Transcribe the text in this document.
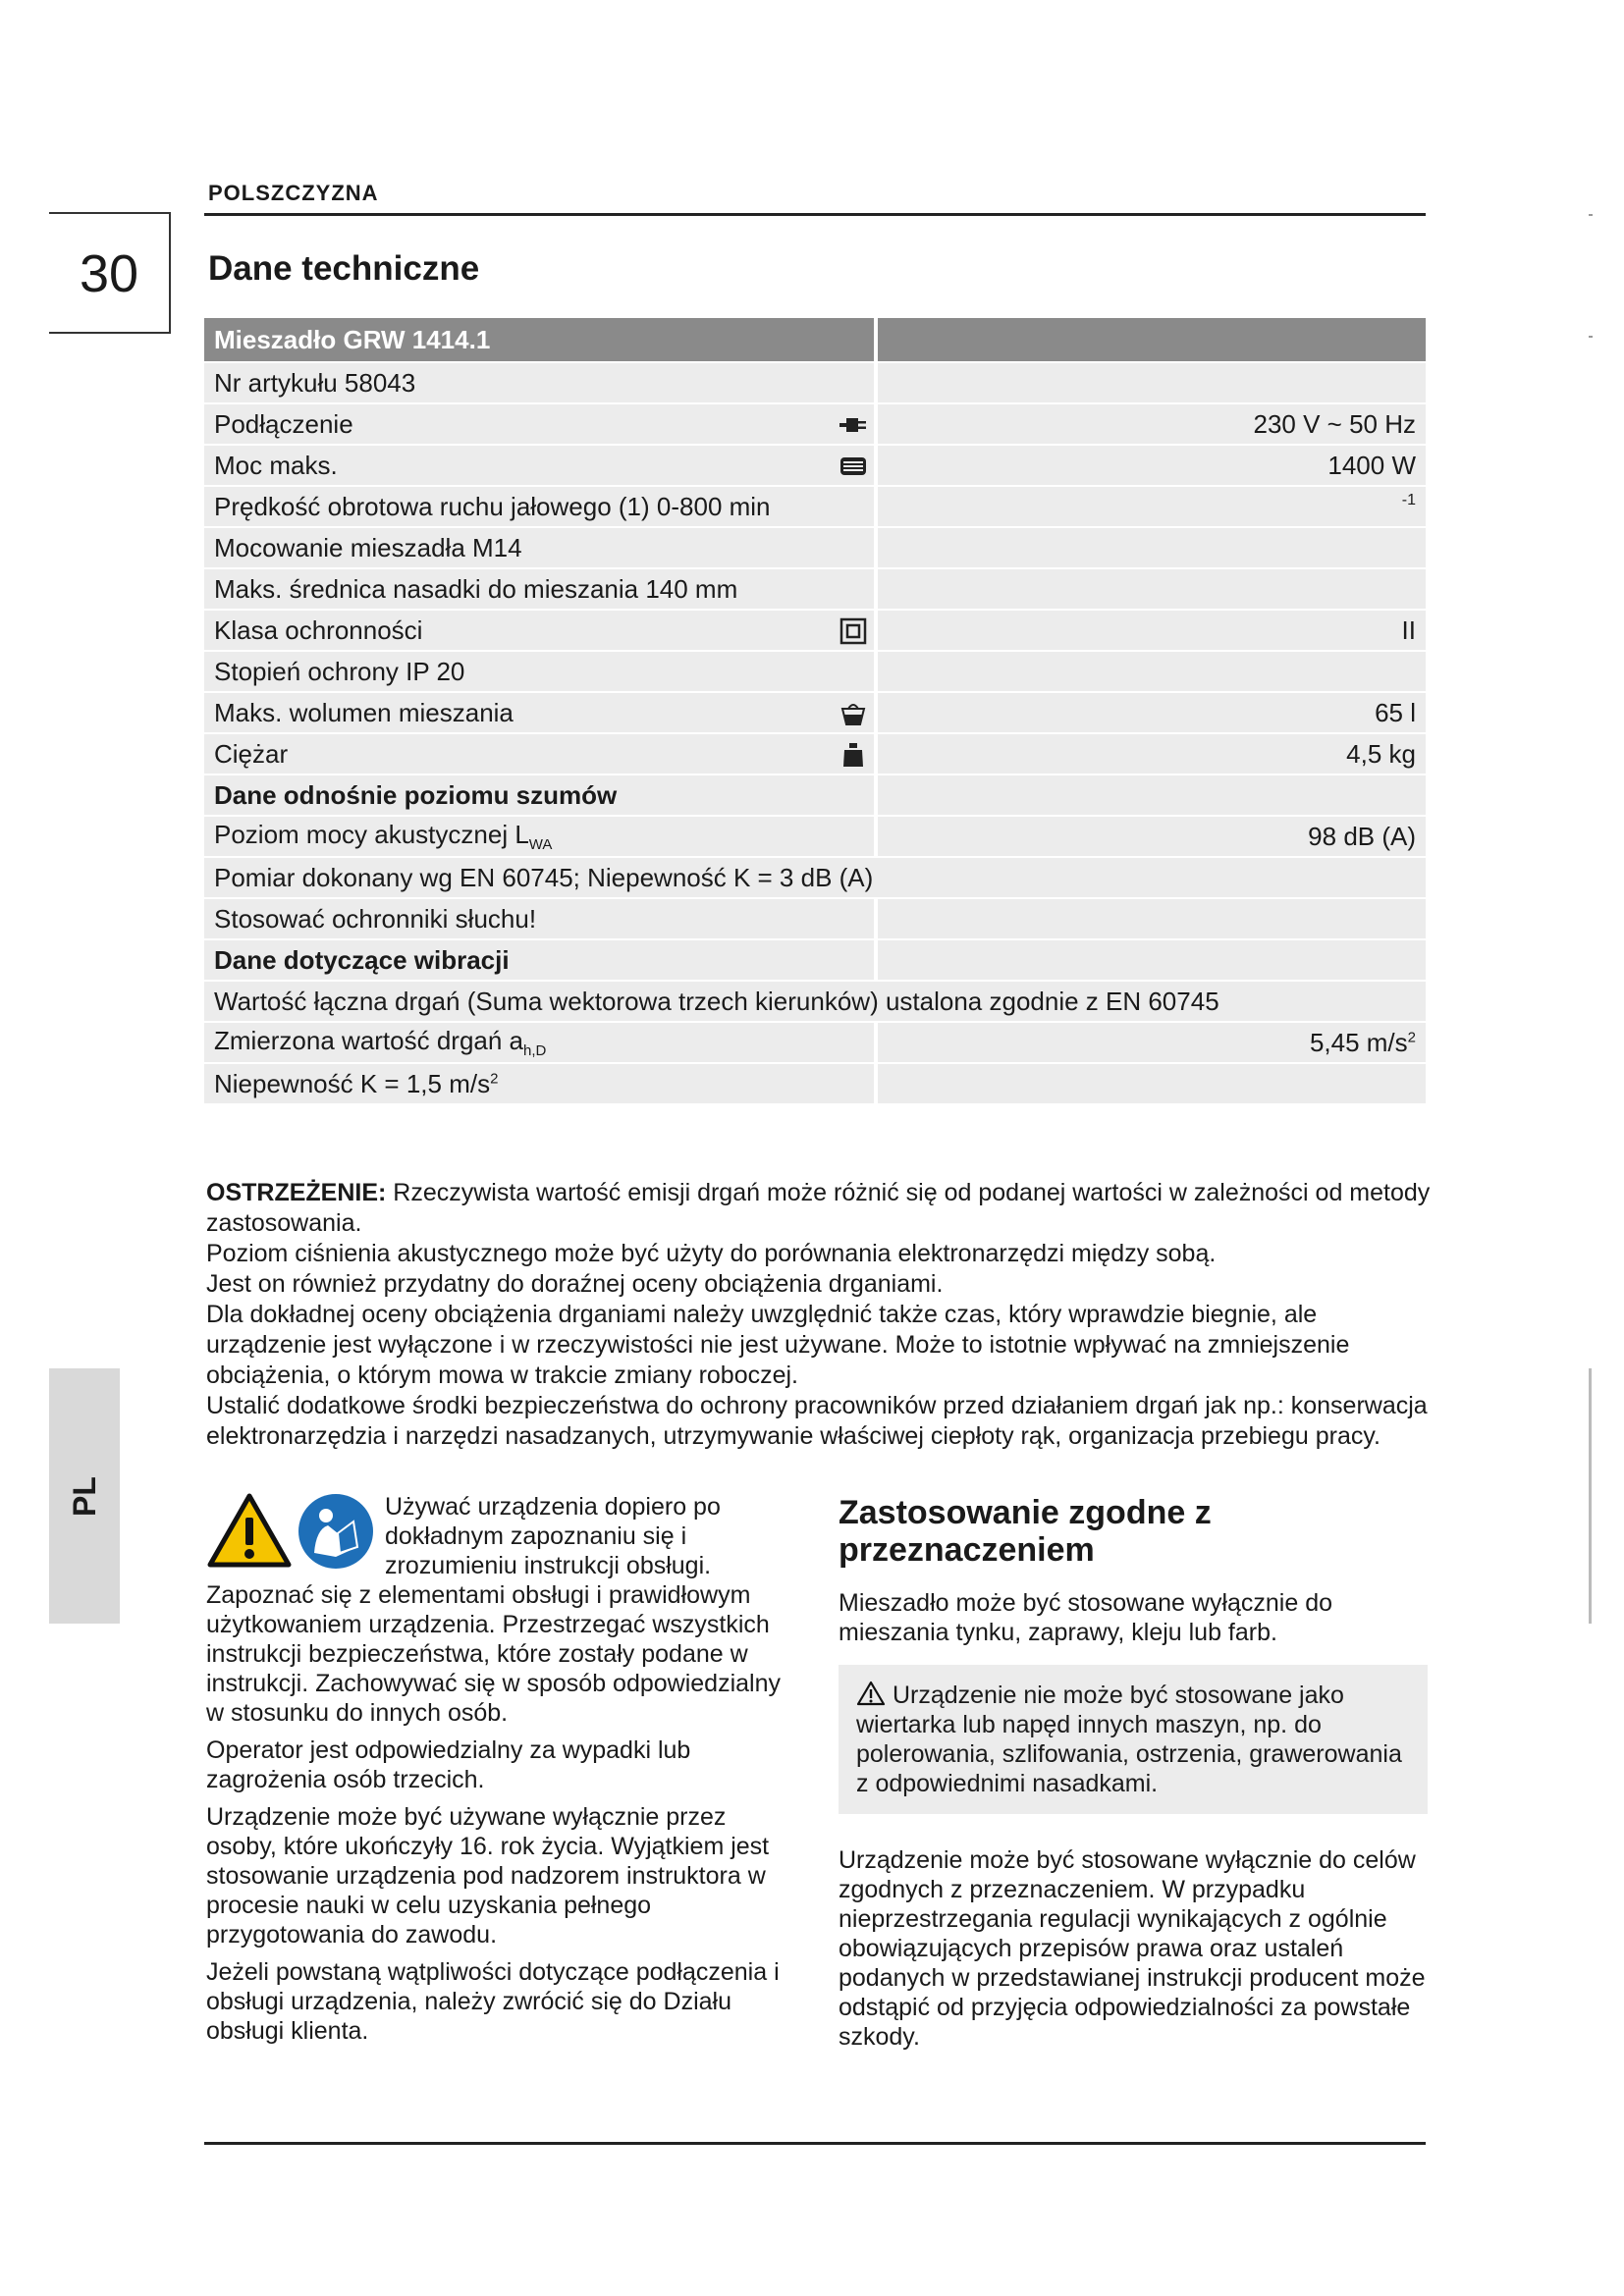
POLSZCZYZNA
30	Dane techniczne
Mieszadło GRW 1414.1	
Nr artykułu 58043	
Podłączenie	230 V ~ 50 Hz
Moc maks.	1400 W
Prędkość obrotowa ruchu jałowego (1) 0-800 min	$^{-1}$
Mocowanie mieszadła M14	
Maks. średnica nasadki do mieszania 140 mm	
Klasa ochronności	II
Stopień ochrony IP 20	
Maks. wolumen mieszania	65 l
Ciężar	4,5 kg
Dane odnośnie poziomu szumów	
Poziom mocy akustycznej $L_{WA}$	98 dB (A)
Pomiar dokonany wg EN 60745; Niepewność K = 3 dB (A)	
Stosować ochronniki słuchu!	
Dane dotyczące wibracji	
Wartość łączna drgań (Suma wektorowa trzech kierunków) ustalona zgodnie z EN 60745	
Zmierzona wartość drgań $a_{h,D}$	5,45 $m/s^2$
Niepewność K = 1,5 $m/s^2$	

OSTRZEŻENIE: Rzeczywista wartość emisji drgań może różnić się od podanej wartości w zależności od metody zastosowania.

Poziom ciśnienia akustycznego może być użyty do porównania elektronarzędzi między sobą.

Jest on również przydatny do doraźnej oceny obciążenia drganiami.

Dla dokładnej oceny obciążenia drganiami należy uwzględnić także czas, który wprawdzie biegnie, ale urządzenie jest wyłączone i w rzeczywistości nie jest używane. Może to istotnie wpływać na zmniejszenie obciążenia, o którym mowa w trakcie zmiany roboczej.

Ustalić dodatkowe środki bezpieczeństwa do ochrony pracowników przed działaniem drgań jak np.: konserwacja elektronarzędzia i narzędzi nasadzanych, utrzymywanie właściwej ciepłoty rąk, organizacja przebiegu pracy.

PL	Używać urządzenia dopiero po dokładnym zapoznaniu się i zrozumieniu instrukcji obsługi.

Zapoznać się z elementami obsługi i prawidłowym użytkowaniem urządzenia. Przestrzegać wszystkich instrukcji bezpieczeństwa, które zostały podane w instrukcji. Zachowywać się w sposób odpowiedzialny w stosunku do innych osób.

Operator jest odpowiedzialny za wypadki lub zagrożenia osób trzecich.

Urządzenie może być używane wyłącznie przez osoby, które ukończyły 16. rok życia. Wyjątkiem jest stosowanie urządzenia pod nadzorem instruktora w procesie nauki w celu uzyskania pełnego przygotowania do zawodu.

Jeżeli powstaną wątpliwości dotyczące podłączenia i obsługi urządzenia, należy zwrócić się do Działu obsługi klienta.

Zastosowanie zgodne z przeznaczeniem

Mieszadło może być stosowane wyłącznie do mieszania tynku, zaprawy, kleju lub farb.

Urządzenie nie może być stosowane jako wiertarka lub napęd innych maszyn, np. do polerowania, szlifowania, ostrzenia, grawerowania z odpowiednimi nasadkami.

Urządzenie może być stosowane wyłącznie do celów zgodnych z przeznaczeniem. W przypadku nieprzestrzegania regulacji wynikających z ogólnie obowiązujących przepisów prawa oraz ustaleń podanych w przedstawianej instrukcji producent może odstąpić od przyjęcia odpowiedzialności za powstałe szkody.
